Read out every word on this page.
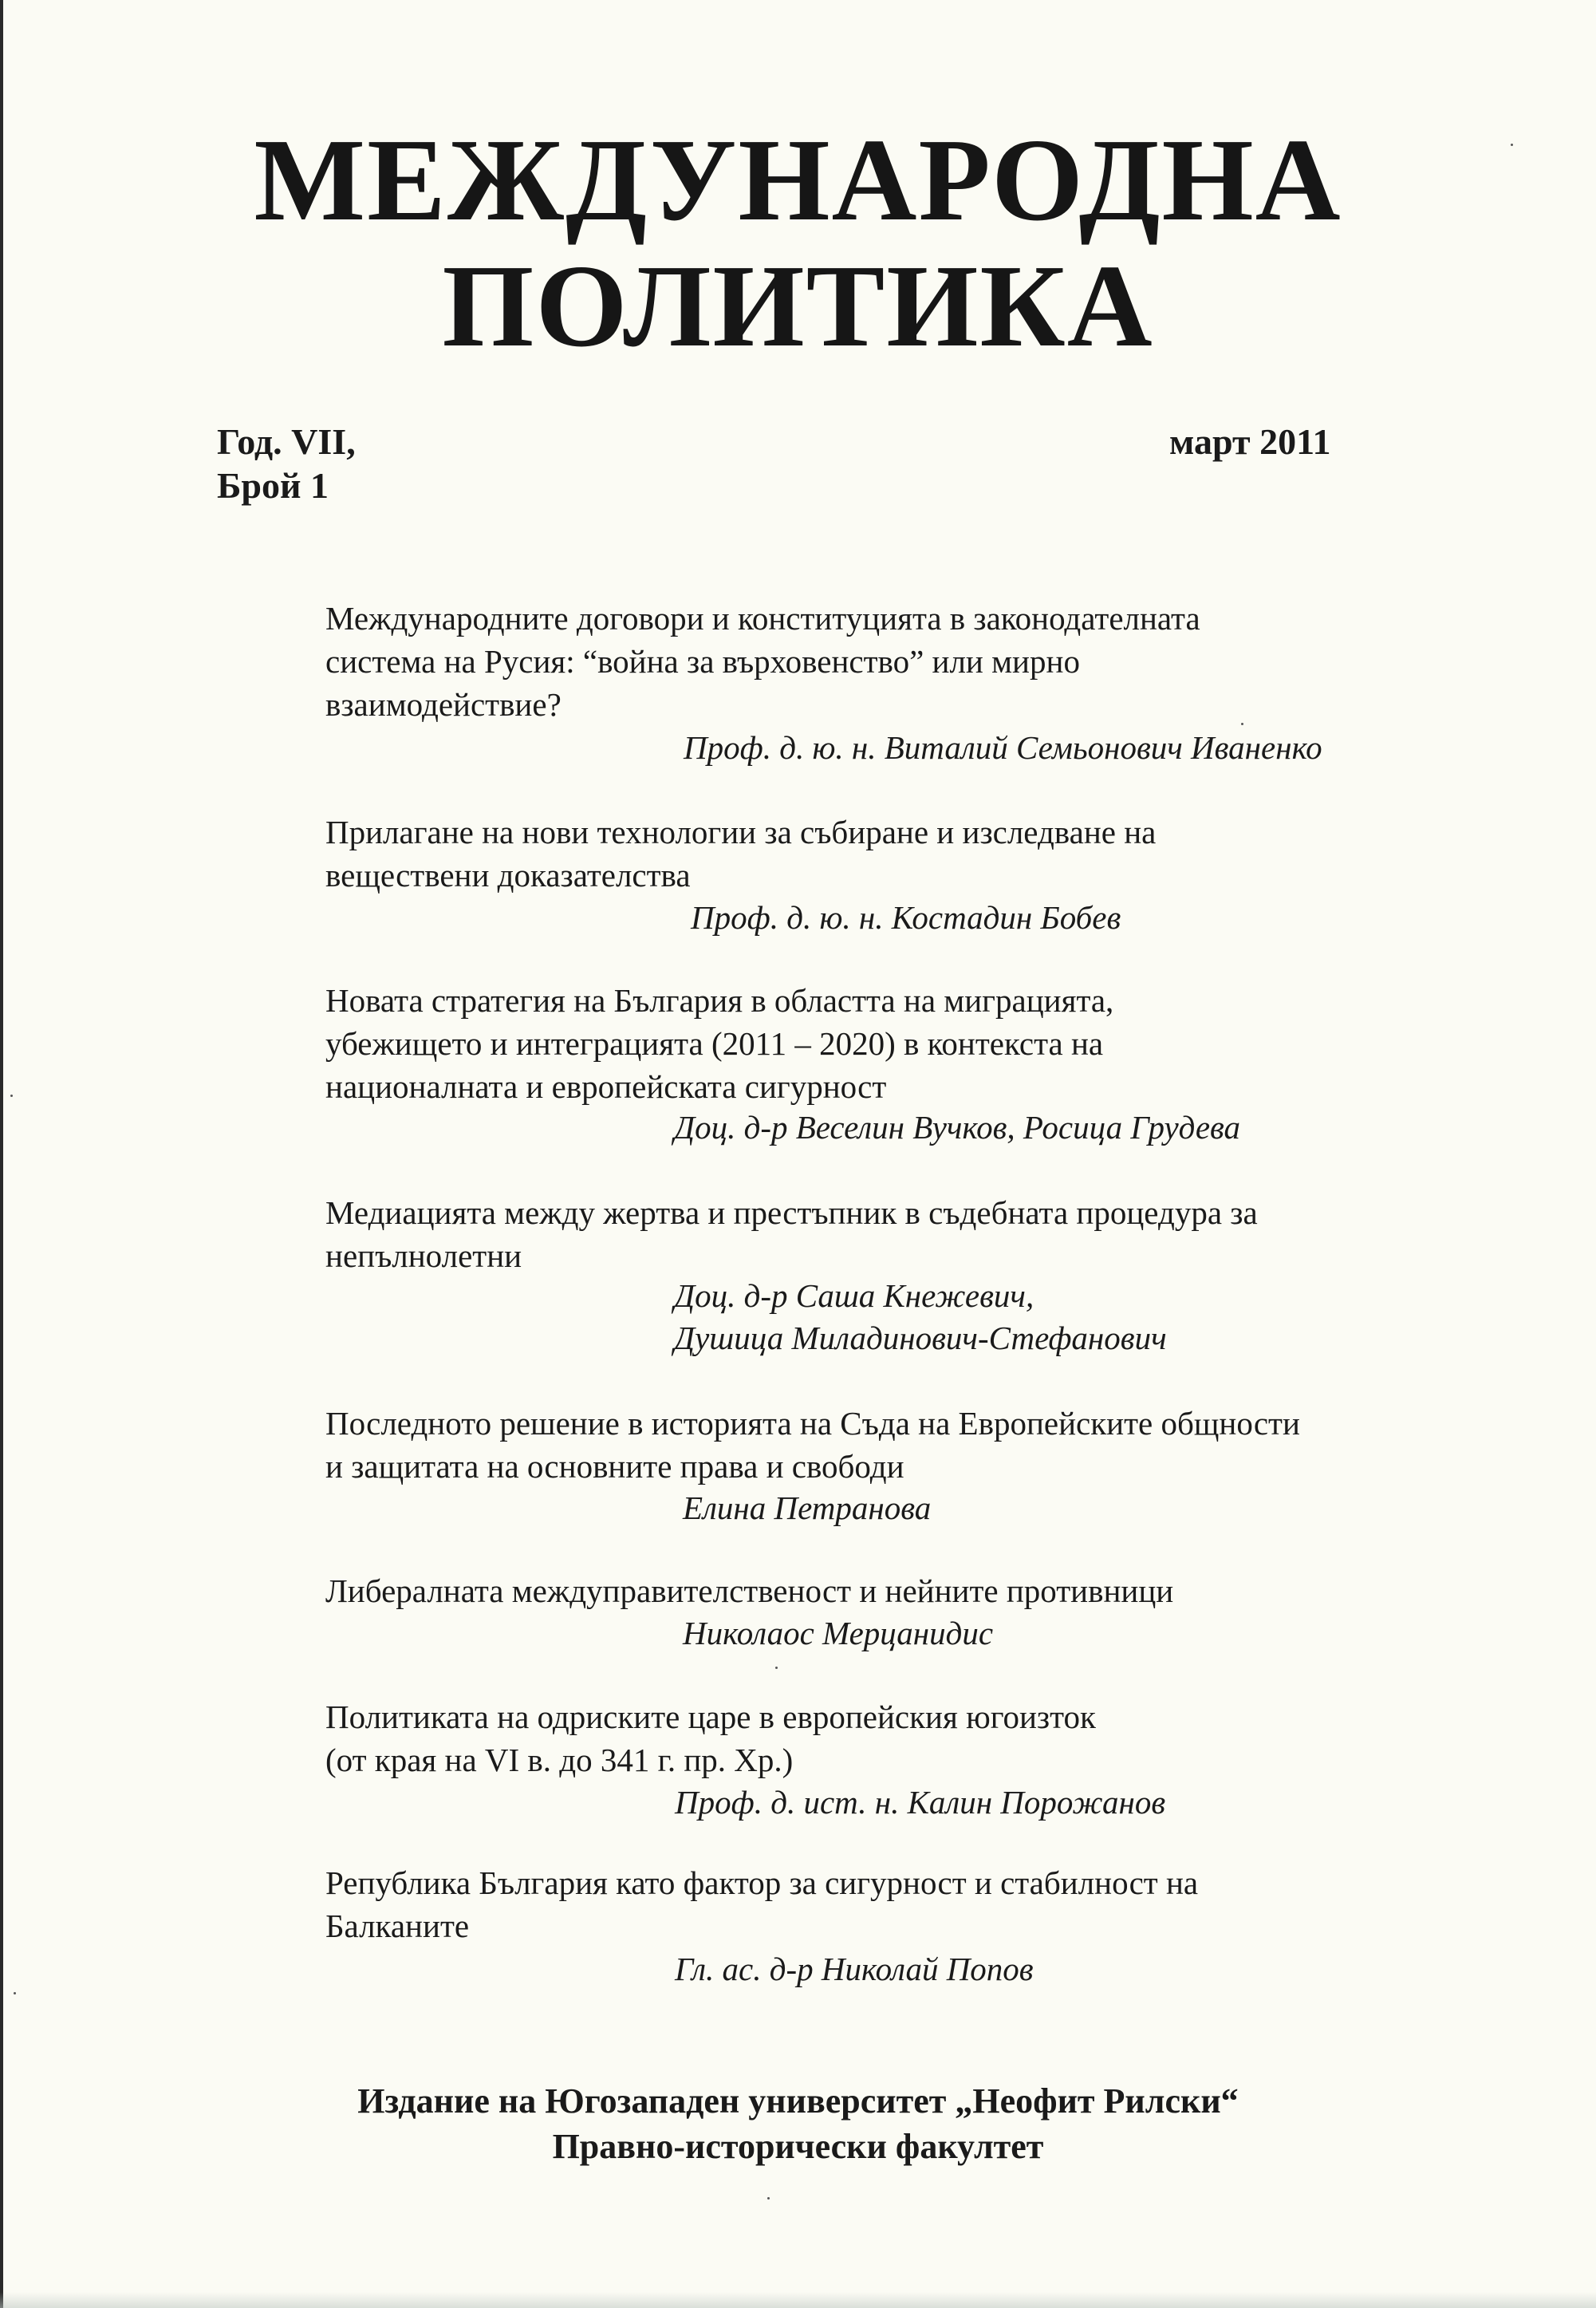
МЕЖДУНАРОДНА
ПОЛИТИКА
Год. VII,
Брой 1
март 2011
Международните договори и конституцията в законодателната
система на Русия: “война за върховенство” или мирно
взаимодействие?
Проф. д. ю. н. Виталий Семьонович Иваненко
Прилагане на нови технологии за събиране и изследване на
веществени доказателства
Проф. д. ю. н. Костадин Бобев
Новата стратегия на България в областта на миграцията,
убежището и интеграцията (2011 – 2020) в контекста на
националната и европейската сигурност
Доц. д-р Веселин Вучков, Росица Грудева
Медиацията между жертва и престъпник в съдебната процедура за
непълнолетни
Доц. д-р Саша Кнежевич,
Душица Миладинович-Стефанович
Последното решение в историята на Съда на Европейските общности
и защитата на основните права и свободи
Елина Петранова
Либералната междуправителственост и нейните противници
Николаос Мерцанидис
Политиката на одриските царе в европейския югоизток
(от края на VI в. до 341 г. пр. Хр.)
Проф. д. ист. н. Калин Порожанов
Република България като фактор за сигурност и стабилност на
Балканите
Гл. ас. д-р Николай Попов
Издание на Югозападен университет „Неофит Рилски“
Правно-исторически факултет
